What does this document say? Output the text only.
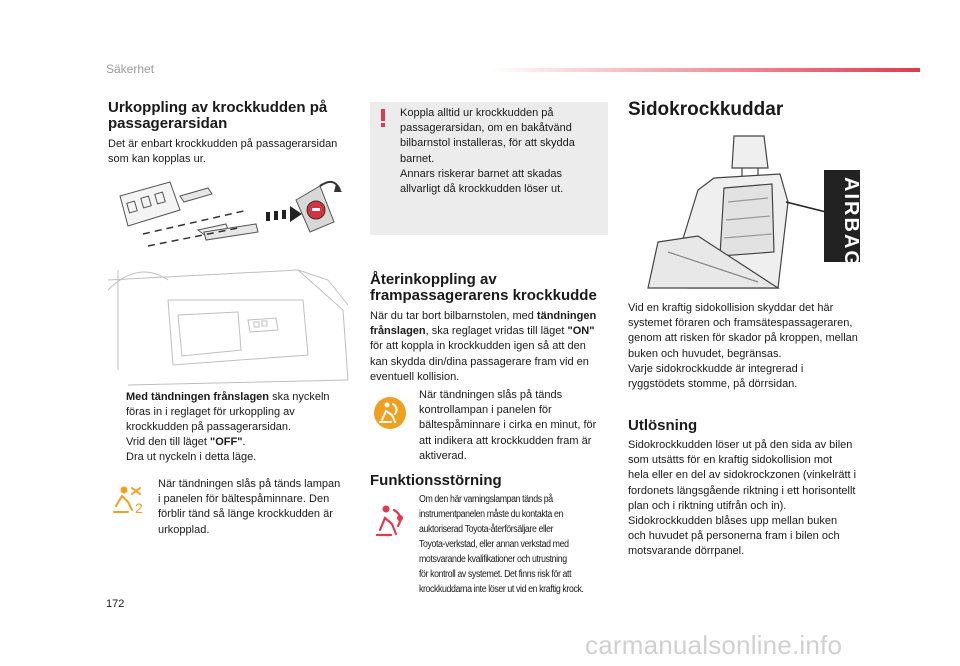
Säkerhet

Urkoppling av krockkudden på

passagerarsidan

Det är enbart krockkudden på passagerarsidan

som kan kopplas ur.

Med tändningen frånslagen ska nyckeln
föras in i reglaget för urkoppling av
krockkudden på passagerarsidan.
Vrid den till läget "OFF".
Dra ut nyckeln i detta läge.
2

När tändningen slås på tänds lampan

i panelen för bältespåminnare. Den

förblir tänd så länge krockkudden är

urkopplad.

Koppla alltid ur krockkudden på

passagerarsidan, om en bakåtvänd

bilbarnstol installeras, för att skydda

barnet.

Annars riskerar barnet att skadas

allvarligt då krockkudden löser ut.

Återinkoppling av

frampassagerarens krockkudde

När du tar bort bilbarnstolen, med tändningen

frånslagen, ska reglaget vridas till läget "ON"

för att koppla in krockkudden igen så att den

kan skydda din/dina passagerare fram vid en

eventuell kollision.

När tändningen slås på tänds

kontrollampan i panelen för

bältespåminnare i cirka en minut, för

att indikera att krockkudden fram är

aktiverad.

Funktionsstörning

Om den här varningslampan tänds på
instrumentpanelen måste du kontakta en
auktoriserad Toyota-återförsäljare eller
Toyota-verkstad, eller annan verkstad med
motsvarande kvalifikationer och utrustning
för kontroll av systemet. Det finns risk för att
krockkuddarna inte löser ut vid en kraftig krock.

Sidokrockkuddar

AIRBAG

Vid en kraftig sidokollision skyddar det här

systemet föraren och framsätespassageraren,

genom att risken för skador på kroppen, mellan

buken och huvudet, begränsas.

Varje sidokrockkudde är integrerad i

ryggstödets stomme, på dörrsidan.

Utlösning

Sidokrockkudden löser ut på den sida av bilen

som utsätts för en kraftig sidokollision mot

hela eller en del av sidokrockzonen (vinkelrätt i

fordonets längsgående riktning i ett horisontellt

plan och i riktning utifrån och in).

Sidokrockkudden blåses upp mellan buken

och huvudet på personerna fram i bilen och

motsvarande dörrpanel.

172
carmanualsonline.info
